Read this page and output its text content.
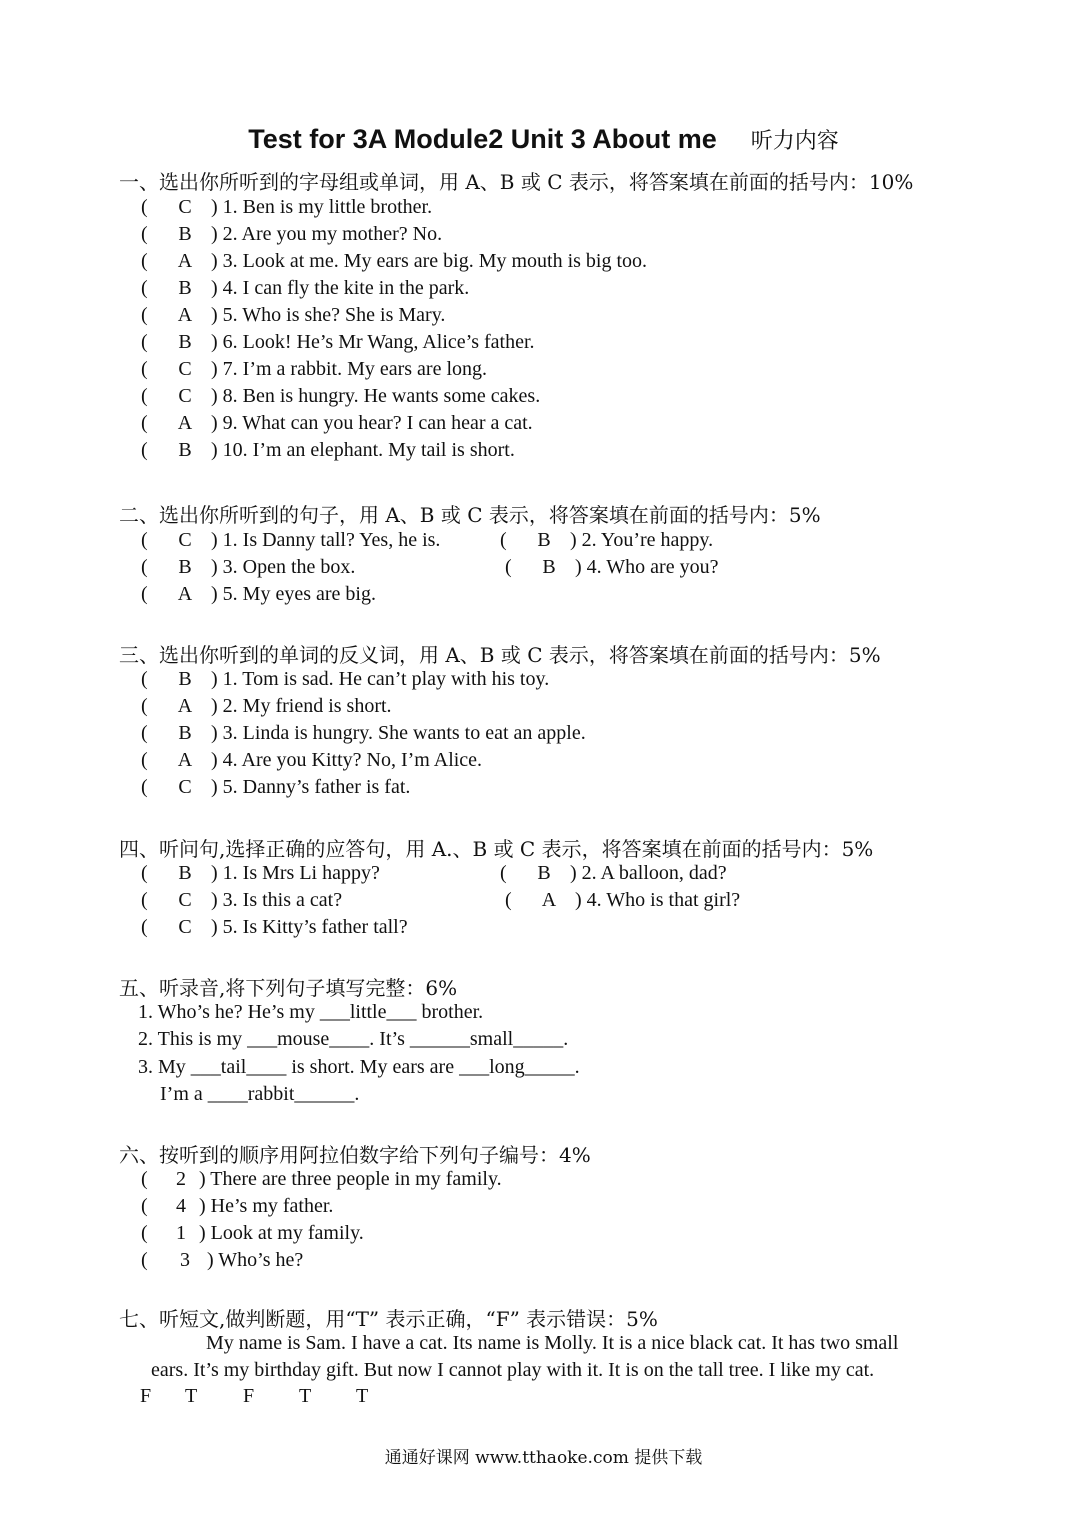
Test for 3A Module2 Unit 3 About me 听力内容
一、选出你所听到的字母组或单词，用 A、B 或 C 表示，将答案填在前面的括号内：10%
( C ) 1. Ben is my little brother.
( B ) 2. Are you my mother? No.
( A ) 3. Look at me. My ears are big. My mouth is big too.
( B ) 4. I can fly the kite in the park.
( A ) 5. Who is she? She is Mary.
( B ) 6. Look! He’s Mr Wang, Alice’s father.
( C ) 7. I’m a rabbit. My ears are long.
( C ) 8. Ben is hungry. He wants some cakes.
( A ) 9. What can you hear? I can hear a cat.
( B ) 10. I’m an elephant. My tail is short.
二、选出你所听到的句子，用 A、B 或 C 表示，将答案填在前面的括号内：5%
( C ) 1. Is Danny tall? Yes, he is.	( B ) 2. You’re happy.
( B ) 3. Open the box.	( B ) 4. Who are you?
( A ) 5. My eyes are big.
三、选出你听到的单词的反义词，用 A、B 或 C 表示，将答案填在前面的括号内：5%
( B ) 1. Tom is sad. He can’t play with his toy.
( A ) 2. My friend is short.
( B ) 3. Linda is hungry. She wants to eat an apple.
( A ) 4. Are you Kitty? No, I’m Alice.
( C ) 5. Danny’s father is fat.
四、听问句,选择正确的应答句，用 A.、B 或 C 表示，将答案填在前面的括号内：5%
( B ) 1. Is Mrs Li happy?	( B ) 2. A balloon, dad?
( C ) 3. Is this a cat?	( A ) 4. Who is that girl?
( C ) 5. Is Kitty’s father tall?
五、听录音,将下列句子填写完整：6%
1. Who’s he? He’s my ___little___ brother.
2. This is my ___mouse____. It’s ______small_____.
3. My ___tail____ is short. My ears are ___long_____.
I’m a ____rabbit______.
六、按听到的顺序用阿拉伯数字给下列句子编号：4%
( 2 ) There are three people in my family.
( 4 ) He’s my father.
( 1 ) Look at my family.
( 3 ) Who’s he?
七、听短文,做判断题，用“T” 表示正确，“F” 表示错误：5%
My name is Sam. I have a cat. Its name is Molly. It is a nice black cat. It has two small
ears. It’s my birthday gift. But now I cannot play with it. It is on the tall tree. I like my cat.
F T F T T
通通好课网 www.tthaoke.com 提供下载
